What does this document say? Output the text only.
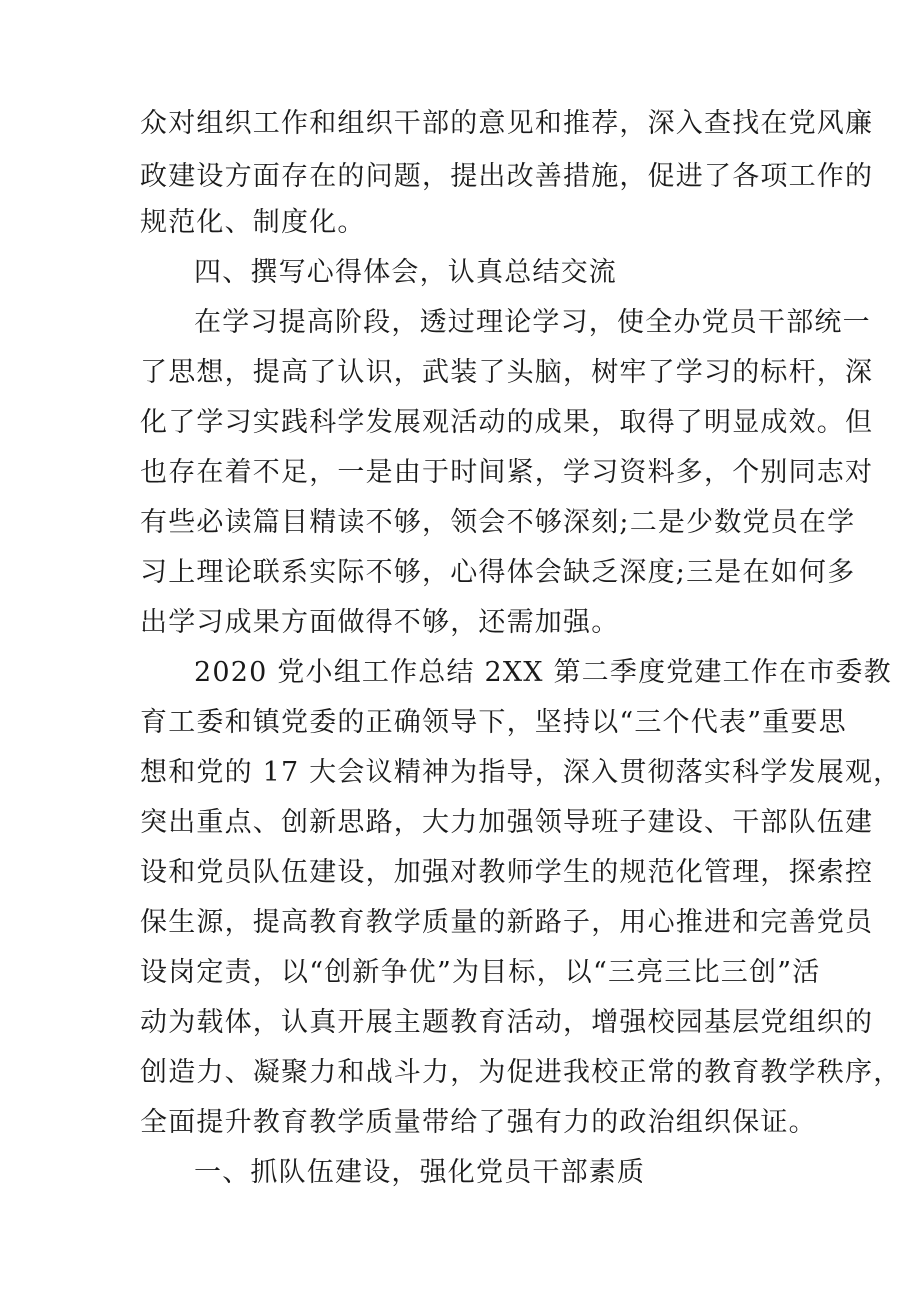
众对组织工作和组织干部的意见和推荐，深入查找在党风廉
政建设方面存在的问题，提出改善措施，促进了各项工作的
规范化、制度化。
四、撰写心得体会，认真总结交流
在学习提高阶段，透过理论学习，使全办党员干部统一
了思想，提高了认识，武装了头脑，树牢了学习的标杆，深
化了学习实践科学发展观活动的成果，取得了明显成效。但
也存在着不足，一是由于时间紧，学习资料多，个别同志对
有些必读篇目精读不够，领会不够深刻;二是少数党员在学
习上理论联系实际不够，心得体会缺乏深度;三是在如何多
出学习成果方面做得不够，还需加强。
2020 党小组工作总结 2XX 第二季度党建工作在市委教
育工委和镇党委的正确领导下，坚持以“三个代表”重要思
想和党的 17 大会议精神为指导，深入贯彻落实科学发展观，
突出重点、创新思路，大力加强领导班子建设、干部队伍建
设和党员队伍建设，加强对教师学生的规范化管理，探索控
保生源，提高教育教学质量的新路子，用心推进和完善党员
设岗定责，以“创新争优”为目标，以“三亮三比三创”活
动为载体，认真开展主题教育活动，增强校园基层党组织的
创造力、凝聚力和战斗力，为促进我校正常的教育教学秩序，
全面提升教育教学质量带给了强有力的政治组织保证。
一、抓队伍建设，强化党员干部素质
